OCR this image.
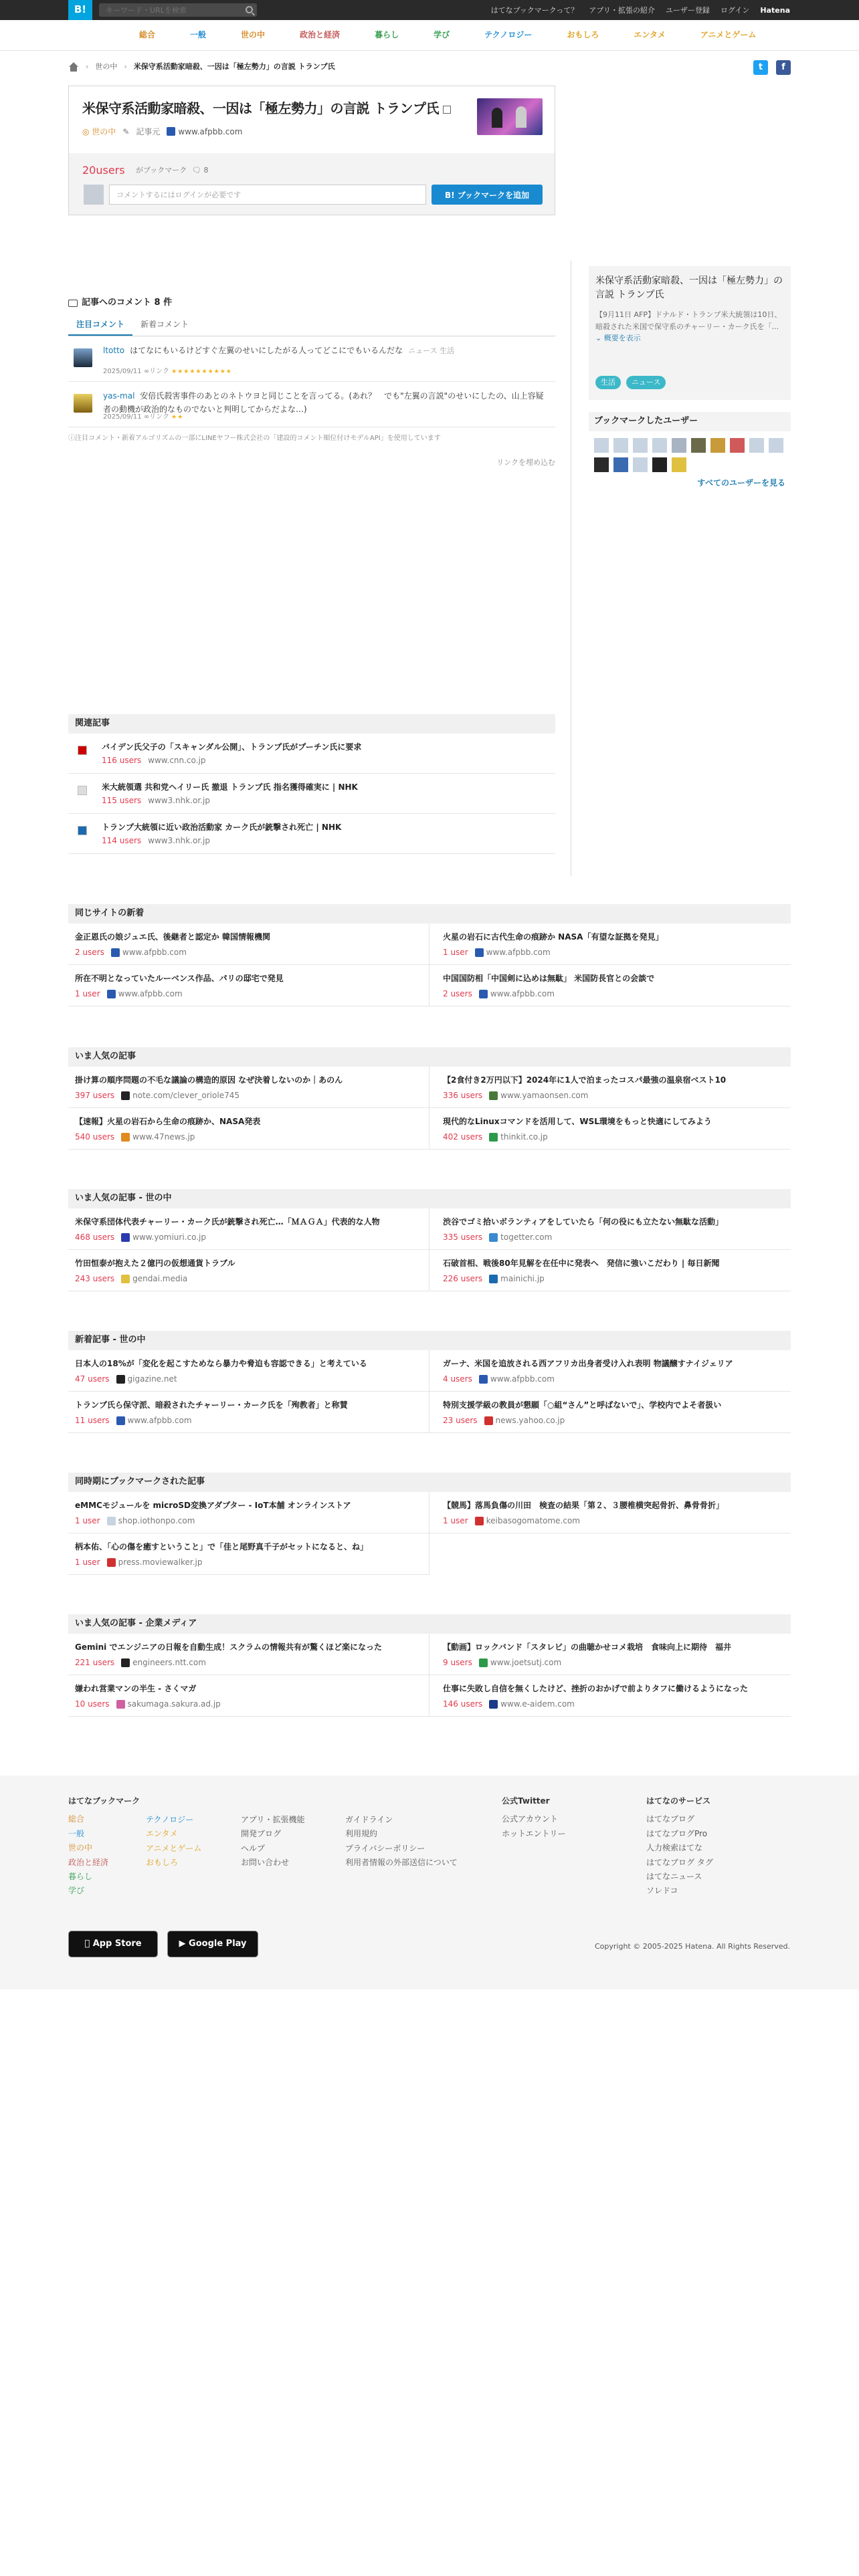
B!
キーワード・URLを検索	はてなブックマークって？ アプリ・拡張の紹介 ユーザー登録 ログイン Hatena
総合	一般	世の中	政治と経済	暮らし	学び	テクノロジー	おもしろ	エンタメ	アニメとゲーム
› 世の中 › 米保守系活動家暗殺、一因は「極左勢力」の言説 トランプ氏	t	f
米保守系活動家暗殺、一因は「極左勢力」の言説 トランプ氏
◎ 世の中 ✎ 記事元	www.afpbb.com
20users がブックマーク 🗨 8
コメントするにはログインが必要です	B! ブックマークを追加
米保守系活動家暗殺、一因は「極左勢力」の言説 トランプ氏
【9月11日 AFP】ドナルド・トランプ米大統領は10日、暗殺された米国で保守系のチャーリー・カーク氏を「... ⌄ 概要を表示
生活	ニュース
ブックマークしたユーザー
すべてのユーザーを見る
記事へのコメント 8 件
注目コメント	新着コメント
ltotto はてなにもいるけどすぐ左翼のせいにしたがる人ってどこにでもいるんだな ニュース 生活
2025/09/11 ∞リンク ★★★★★★★★★★
yas-mal 安倍氏殺害事件のあとのネトウヨと同じことを言ってる。(あれ？　でも"左翼の言説"のせいにしたの、山上容疑者の動機が政治的なものでないと判明してからだよな…)
2025/09/11 ∞リンク ★★
ⓘ注目コメント・新着アルゴリズムの一部にLINEヤフー株式会社の「建設的コメント順位付けモデルAPI」を使用しています
リンクを埋め込む
関連記事
バイデン氏父子の「スキャンダル公開」、トランプ氏がプーチン氏に要求
116 users www.cnn.co.jp
米大統領選 共和党ヘイリー氏 撤退 トランプ氏 指名獲得確実に | NHK
115 users www3.nhk.or.jp
トランプ大統領に近い政治活動家 カーク氏が銃撃され死亡 | NHK
114 users www3.nhk.or.jp
同じサイトの新着
金正恩氏の娘ジュエ氏、後継者と認定か 韓国情報機関
2 users www.afpbb.com
火星の岩石に古代生命の痕跡か NASA「有望な証拠を発見」
1 user www.afpbb.com
所在不明となっていたルーベンス作品、パリの邸宅で発見
1 user www.afpbb.com
中国国防相「中国剣に込めは無駄」 米国防長官との会談で
2 users www.afpbb.com
いま人気の記事
掛け算の順序問題の不毛な議論の構造的原因 なぜ決着しないのか｜あのん
397 users note.com/clever_oriole745
【2食付き2万円以下】2024年に1人で泊まったコスパ最強の温泉宿ベスト10
336 users www.yamaonsen.com
【速報】火星の岩石から生命の痕跡か、NASA発表
540 users www.47news.jp
現代的なLinuxコマンドを活用して、WSL環境をもっと快適にしてみよう
402 users thinkit.co.jp
いま人気の記事 - 世の中
米保守系団体代表チャーリー・カーク氏が銃撃され死亡…「ＭＡＧＡ」代表的な人物
468 users www.yomiuri.co.jp
渋谷でゴミ拾いボランティアをしていたら「何の役にも立たない無駄な活動」
335 users togetter.com
竹田恒泰が抱えた２億円の仮想通貨トラブル
243 users gendai.media
石破首相、戦後80年見解を在任中に発表へ　発信に強いこだわり | 毎日新聞
226 users mainichi.jp
新着記事 - 世の中
日本人の18%が「変化を起こすためなら暴力や脅迫も容認できる」と考えている
47 users gigazine.net
ガーナ、米国を追放される西アフリカ出身者受け入れ表明 物議醸すナイジェリア
4 users www.afpbb.com
トランプ氏ら保守派、暗殺されたチャーリー・カーク氏を「殉教者」と称賛
11 users www.afpbb.com
特別支援学級の教員が懇願「○組“さん”と呼ばないで」、学校内でよそ者扱い
23 users news.yahoo.co.jp
同時期にブックマークされた記事
eMMCモジュールを microSD変換アダプター - IoT本舗 オンラインストア
1 user shop.iothonpo.com
【競馬】落馬負傷の川田　検査の結果「第２、３腰椎横突起骨折、鼻骨骨折」
1 user keibasogomatome.com
柄本佑、「心の傷を癒すということ」で「佳と尾野真千子がセットになると、ね」
1 user press.moviewalker.jp
いま人気の記事 - 企業メディア
Gemini でエンジニアの日報を自動生成！スクラムの情報共有が驚くほど楽になった
221 users engineers.ntt.com
【動画】ロックバンド「スタレビ」の曲聴かせコメ栽培　食味向上に期待　福井
9 users www.joetsutj.com
嫌われ営業マンの半生 - さくマガ
10 users sakumaga.sakura.ad.jp
仕事に失敗し自信を無くしたけど、挫折のおかげで前よりタフに働けるようになった
146 users www.e-aidem.com
はてなブックマーク
総合
一般
世の中
政治と経済
暮らし
学び
テクノロジー
エンタメ
アニメとゲーム
おもしろ
アプリ・拡張機能
開発ブログ
ヘルプ
お問い合わせ
ガイドライン
利用規約
プライバシーポリシー
利用者情報の外部送信について
公式Twitter
公式アカウント
ホットエントリー
はてなのサービス
はてなブログ
はてなブログPro
人力検索はてな
はてなブログ タグ
はてなニュース
ソレドコ
App Store	▶ Google Play	Copyright © 2005-2025 Hatena. All Rights Reserved.
